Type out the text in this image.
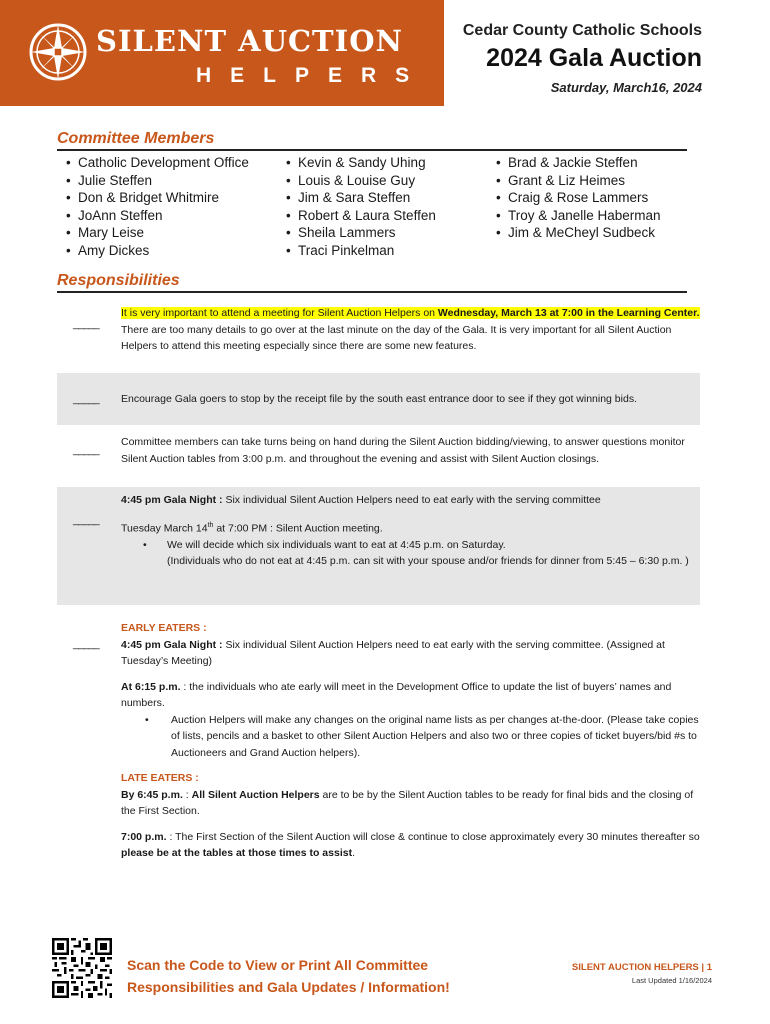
SILENT AUCTION
HELPERS
Cedar County Catholic Schools
2024 Gala Auction
Saturday, March16, 2024
Committee Members
• Catholic Development Office
• Julie Steffen
• Don & Bridget Whitmire
• JoAnn Steffen
• Mary Leise
• Amy Dickes
• Kevin & Sandy Uhing
• Louis & Louise Guy
• Jim & Sara Steffen
• Robert & Laura Steffen
• Sheila Lammers
• Traci Pinkelman
• Brad & Jackie Steffen
• Grant & Liz Heimes
• Craig & Rose Lammers
• Troy & Janelle Haberman
• Jim & MeCheyl Sudbeck
Responsibilities
_____
It is very important to attend a meeting for Silent Auction Helpers on Wednesday, March 13 at 7:00 in the Learning Center. There are too many details to go over at the last minute on the day of the Gala. It is very important for all Silent Auction Helpers to attend this meeting especially since there are some new features.
_____ Encourage Gala goers to stop by the receipt file by the south east entrance door to see if they got winning bids.
_____
Committee members can take turns being on hand during the Silent Auction bidding/viewing, to answer questions monitor Silent Auction tables from 3:00 p.m. and throughout the evening and assist with Silent Auction closings.
_____
4:45 pm Gala Night : Six individual Silent Auction Helpers need to eat early with the serving committee
Tuesday March 14th at 7:00 PM : Silent Auction meeting.
• We will decide which six individuals want to eat at 4:45 p.m. on Saturday.
(Individuals who do not eat at 4:45 p.m. can sit with your spouse and/or friends for dinner from 5:45 – 6:30 p.m. )
_____
EARLY EATERS :
4:45 pm Gala Night : Six individual Silent Auction Helpers need to eat early with the serving committee. (Assigned at Tuesday’s Meeting)
At 6:15 p.m. : the individuals who ate early will meet in the Development Office to update the list of buyers’ names and numbers.
• Auction Helpers will make any changes on the original name lists as per changes at-the-door. (Please take copies of lists, pencils and a basket to other Silent Auction Helpers and also two or three copies of ticket buyers/bid #s to Auctioneers and Grand Auction helpers).
LATE EATERS :
By 6:45 p.m. : All Silent Auction Helpers are to be by the Silent Auction tables to be ready for final bids and the closing of the First Section.
7:00 p.m. : The First Section of the Silent Auction will close & continue to close approximately every 30 minutes thereafter so please be at the tables at those times to assist.
Scan the Code to View or Print All Committee
Responsibilities and Gala Updates / Information!
SILENT AUCTION HELPERS | 1
Last Updated 1/16/2024
